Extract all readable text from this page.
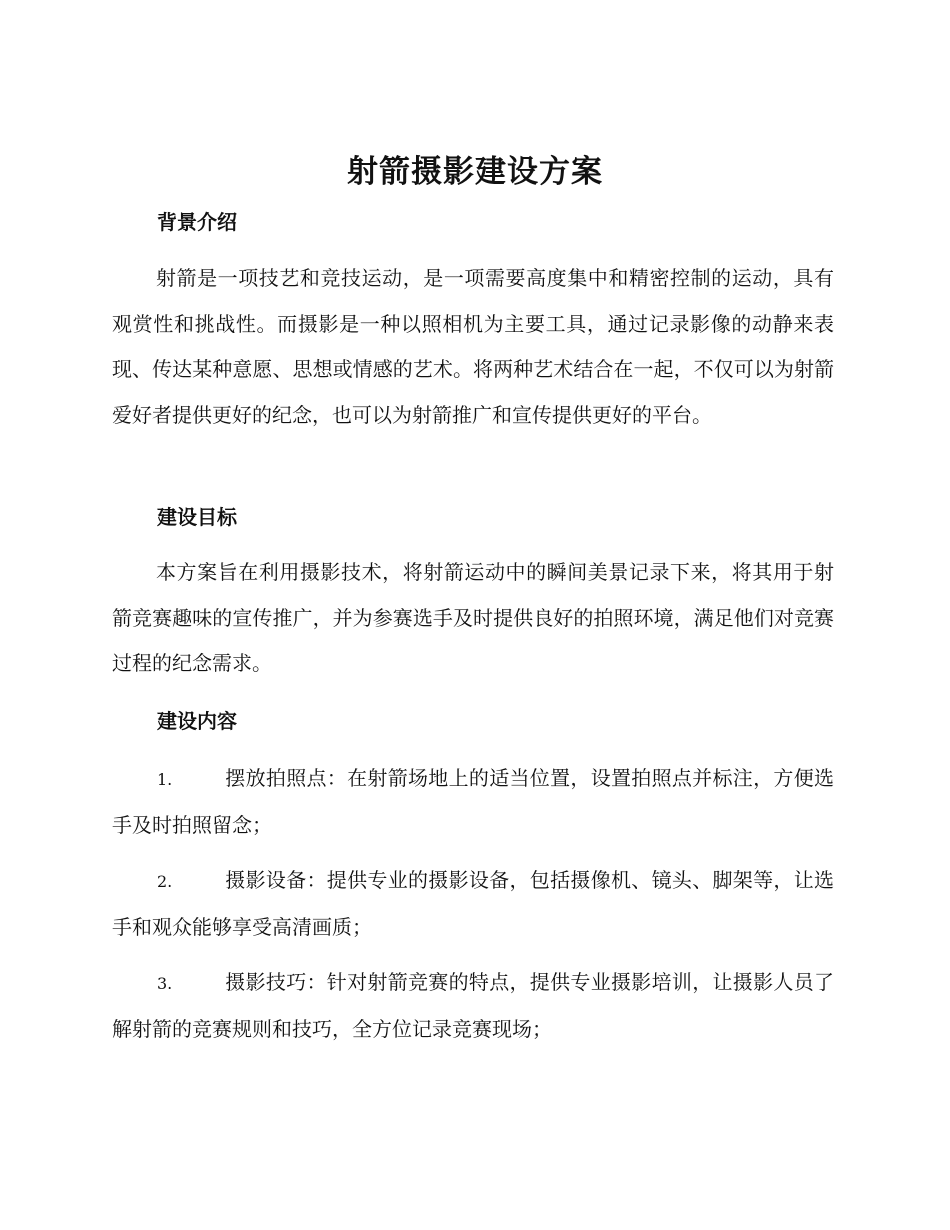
射箭摄影建设方案
背景介绍

射箭是一项技艺和竞技运动，是一项需要高度集中和精密控制的运动，具有观赏性和挑战性。而摄影是一种以照相机为主要工具，通过记录影像的动静来表现、传达某种意愿、思想或情感的艺术。将两种艺术结合在一起，不仅可以为射箭爱好者提供更好的纪念，也可以为射箭推广和宣传提供更好的平台。

建设目标

本方案旨在利用摄影技术，将射箭运动中的瞬间美景记录下来，将其用于射箭竞赛趣味的宣传推广，并为参赛选手及时提供良好的拍照环境，满足他们对竞赛过程的纪念需求。

建设内容

1.	摆放拍照点：在射箭场地上的适当位置，设置拍照点并标注，方便选手及时拍照留念；

2.	摄影设备：提供专业的摄影设备，包括摄像机、镜头、脚架等，让选手和观众能够享受高清画质；

3.	摄影技巧：针对射箭竞赛的特点，提供专业摄影培训，让摄影人员了解射箭的竞赛规则和技巧，全方位记录竞赛现场；
